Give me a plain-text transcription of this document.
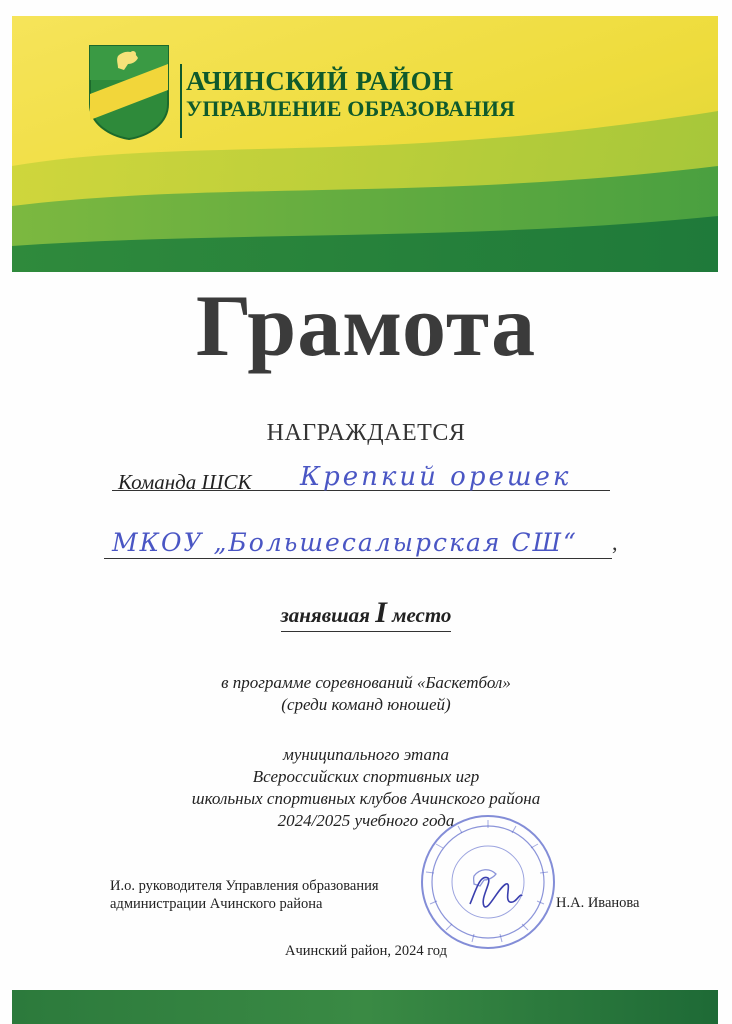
АЧИНСКИЙ РАЙОН
УПРАВЛЕНИЕ ОБРАЗОВАНИЯ
Грамота
НАГРАЖДАЕТСЯ
Команда ШСК Крепкий орешек
МКОУ „Большесалырская СШ“ ,
занявшая I место
в программе соревнований «Баскетбол»
(среди команд юношей)
муниципального этапа
Всероссийских спортивных игр
школьных спортивных клубов Ачинского района
2024/2025 учебного года
И.о. руководителя Управления образования
администрации Ачинского района	Н.А. Иванова
Ачинский район, 2024 год
